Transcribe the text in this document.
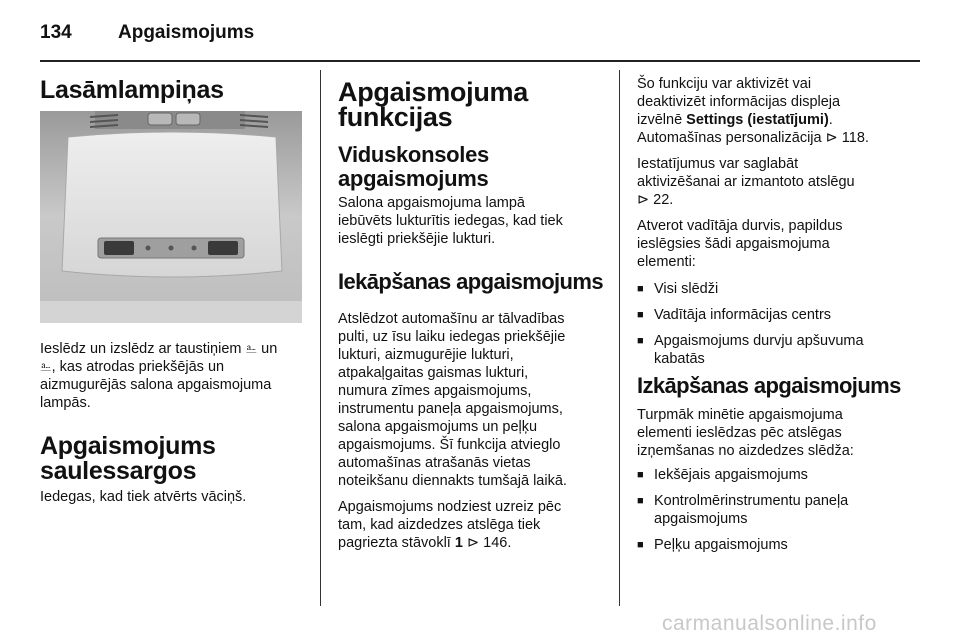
134 Apgaismojums
Lasāmlampiņas

Ieslēdz un izslēdz ar taustiņiem ⎁ un

⎁, kas atrodas priekšējās un

aizmugurējās salona apgaismojuma

lampās.

Apgaismojums
saulessargos

Iedegas, kad tiek atvērts vāciņš.

Apgaismojuma
funkcijas
Viduskonsoles
apgaismojums

Salona apgaismojuma lampā

iebūvēts lukturītis iedegas, kad tiek

ieslēgti priekšējie lukturi.

Iekāpšanas apgaismojums

Atslēdzot automašīnu ar tālvadības

pulti, uz īsu laiku iedegas priekšējie

lukturi, aizmugurējie lukturi,

atpakaļgaitas gaismas lukturi,

numura zīmes apgaismojums,

instrumentu paneļa apgaismojums,

salona apgaismojums un peļķu

apgaismojums. Šī funkcija atvieglo

automašīnas atrašanās vietas

noteikšanu diennakts tumšajā laikā.

Apgaismojums nodziest uzreiz pēc

tam, kad aizdedzes atslēga tiek

pagriezta stāvoklī 1 ⊳ 146.

Šo funkciju var aktivizēt vai

deaktivizēt informācijas displeja

izvēlnē Settings (iestatījumi).

Automašīnas personalizācija ⊳ 118.

Iestatījumus var saglabāt

aktivizēšanai ar izmantoto atslēgu

⊳ 22.

Atverot vadītāja durvis, papildus

ieslēgsies šādi apgaismojuma

elementi:

■ Visi slēdži
■ Vadītāja informācijas centrs
■ Apgaismojums durvju apšuvuma
kabatās
Izkāpšanas apgaismojums

Turpmāk minētie apgaismojuma

elementi ieslēdzas pēc atslēgas

izņemšanas no aizdedzes slēdža:

■ Iekšējais apgaismojums
■ Kontrolmērinstrumentu paneļa
apgaismojums
■ Peļķu apgaismojums
carmanualsonline.info
